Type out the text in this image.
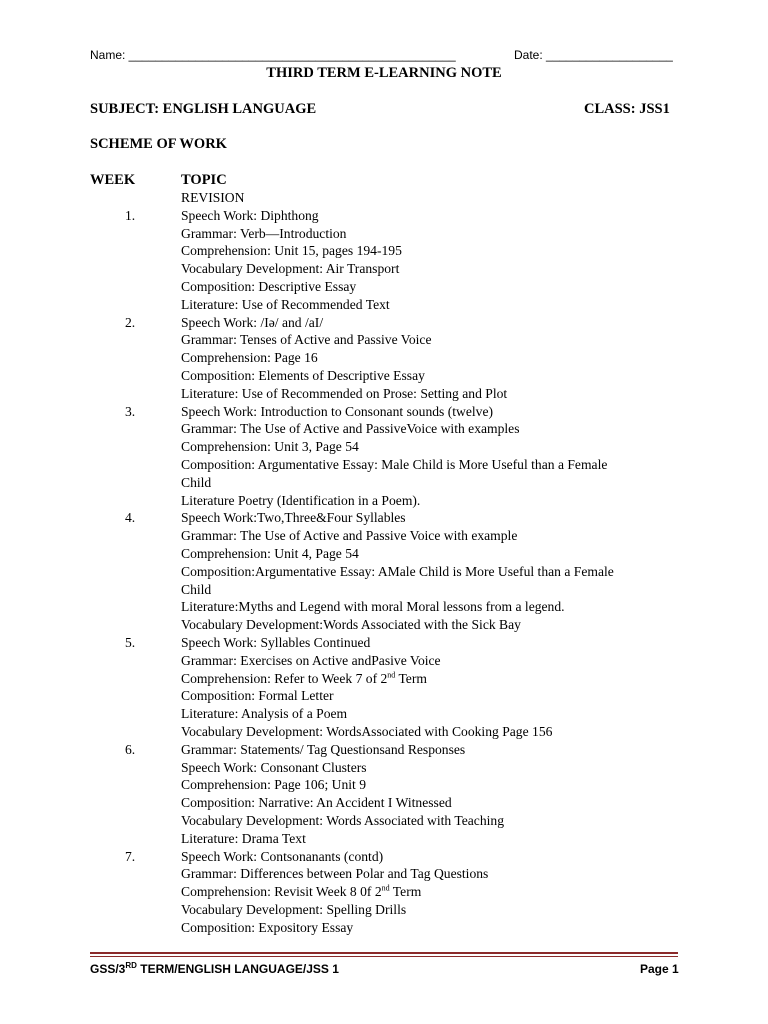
Name: _________________________________________________	Date: ___________________
THIRD TERM E-LEARNING NOTE
SUBJECT: ENGLISH LANGUAGE	CLASS: JSS1
SCHEME OF WORK
WEEK	TOPIC
REVISION
1.	Speech Work: Diphthong
Grammar: Verb—Introduction
Comprehension: Unit 15, pages 194-195
Vocabulary Development: Air Transport
Composition: Descriptive Essay
Literature: Use of Recommended Text
2.	Speech Work: /Iə/ and /aI/
Grammar: Tenses of Active and Passive Voice
Comprehension: Page 16
Composition: Elements of Descriptive Essay
Literature: Use of Recommended on Prose: Setting and Plot
3.	Speech Work: Introduction to Consonant sounds (twelve)
Grammar: The Use of Active and PassiveVoice with examples
Comprehension: Unit 3, Page 54
Composition: Argumentative Essay: Male Child is More Useful than a Female
Child
Literature Poetry (Identification in a Poem).
4.	Speech Work:Two,Three&Four Syllables
Grammar: The Use of Active and Passive Voice with example
Comprehension: Unit 4, Page 54
Composition:Argumentative Essay: AMale Child is More Useful than a Female
Child
Literature:Myths and Legend with moral Moral lessons from a legend.
Vocabulary Development:Words Associated with the Sick Bay
5.	Speech Work: Syllables Continued
Grammar: Exercises on Active andPasive Voice
Comprehension: Refer to Week 7 of 2nd Term
Composition: Formal Letter
Literature: Analysis of a Poem
Vocabulary Development: WordsAssociated with Cooking Page 156
6.	Grammar: Statements/ Tag Questionsand Responses
Speech Work: Consonant Clusters
Comprehension: Page 106; Unit 9
Composition: Narrative: An Accident I Witnessed
Vocabulary Development: Words Associated with Teaching
Literature: Drama Text
7.	Speech Work: Contsonanants (contd)
Grammar: Differences between Polar and Tag Questions
Comprehension: Revisit Week 8 0f 2nd Term
Vocabulary Development: Spelling Drills
Composition: Expository Essay
GSS/3RD TERM/ENGLISH LANGUAGE/JSS 1	Page 1
